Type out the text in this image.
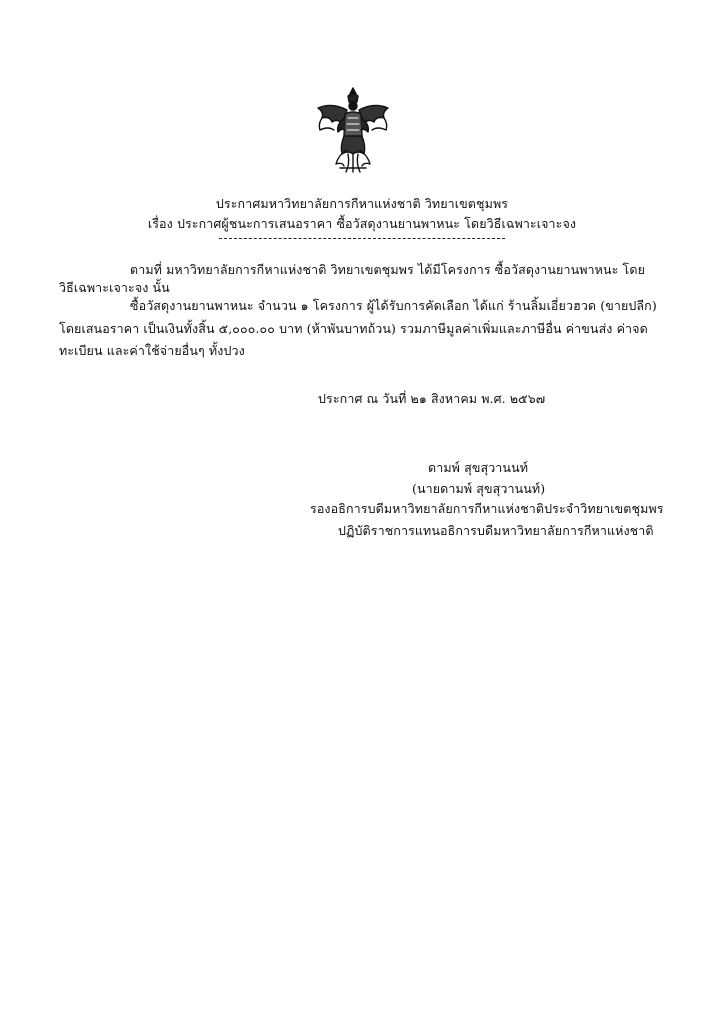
ประกาศมหาวิทยาลัยการกีหาแห่งชาติ วิทยาเขตชุมพร
เรื่อง ประกาศผู้ชนะการเสนอราคา ซื้อวัสดุงานยานพาหนะ โดยวิธีเฉพาะเจาะจง
ตามที่ มหาวิทยาลัยการกีหาแห่งชาติ วิทยาเขตชุมพร ได้มีโครงการ ซื้อวัสดุงานยานพาหนะ โดย
วิธีเฉพาะเจาะจง นั้น
ซื้อวัสดุงานยานพาหนะ จำนวน ๑ โครงการ ผู้ได้รับการคัดเลือก ได้แก่ ร้านลิ้มเอี่ยวฮวด (ขายปลีก)
โดยเสนอราคา เป็นเงินทั้งสิ้น ๕,๐๐๐.๐๐ บาท (ห้าพันบาทถ้วน) รวมภาษีมูลค่าเพิ่มและภาษีอื่น ค่าขนส่ง ค่าจด
ทะเบียน และค่าใช้จ่ายอื่นๆ ทั้งปวง
ประกาศ ณ วันที่ ๒๑ สิงหาคม พ.ศ. ๒๕๖๗
ดามพ์ สุขสุวานนท์
(นายดามพ์ สุขสุวานนท์)
รองอธิการบดีมหาวิทยาลัยการกีหาแห่งชาติประจำวิทยาเขตชุมพร
ปฏิบัติราชการแทนอธิการบดีมหาวิทยาลัยการกีหาแห่งชาติ
